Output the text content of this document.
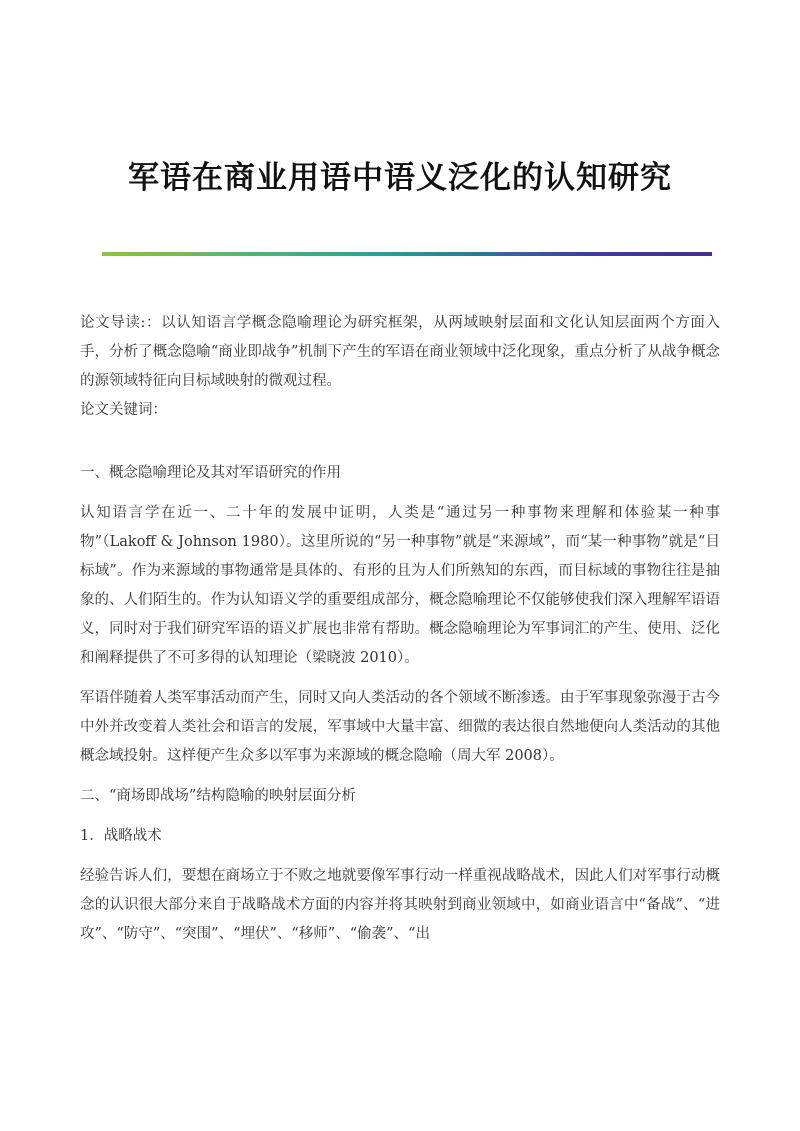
军语在商业用语中语义泛化的认知研究

论文导读:：以认知语言学概念隐喻理论为研究框架，从两域映射层面和文化认知层面两个方面入手，分析了概念隐喻“商业即战争”机制下产生的军语在商业领域中泛化现象，重点分析了从战争概念的源领域特征向目标域映射的微观过程。

论文关键词：

一、概念隐喻理论及其对军语研究的作用

认知语言学在近一、二十年的发展中证明，人类是“通过另一种事物来理解和体验某一种事物”（Lakoff & Johnson 1980）。这里所说的“另一种事物”就是“来源域”，而“某一种事物”就是“目标域”。作为来源域的事物通常是具体的、有形的且为人们所熟知的东西，而目标域的事物往往是抽象的、人们陌生的。作为认知语义学的重要组成部分，概念隐喻理论不仅能够使我们深入理解军语语义，同时对于我们研究军语的语义扩展也非常有帮助。概念隐喻理论为军事词汇的产生、使用、泛化和阐释提供了不可多得的认知理论（梁晓波 2010）。

军语伴随着人类军事活动而产生，同时又向人类活动的各个领域不断渗透。由于军事现象弥漫于古今中外并改变着人类社会和语言的发展，军事域中大量丰富、细微的表达很自然地便向人类活动的其他概念域投射。这样便产生众多以军事为来源域的概念隐喻（周大军 2008）。

二、“商场即战场”结构隐喻的映射层面分析

1．战略战术

经验告诉人们，要想在商场立于不败之地就要像军事行动一样重视战略战术，因此人们对军事行动概念的认识很大部分来自于战略战术方面的内容并将其映射到商业领域中，如商业语言中“备战”、“进攻”、“防守”、“突围”、“埋伏”、“移师”、“偷袭”、“出
